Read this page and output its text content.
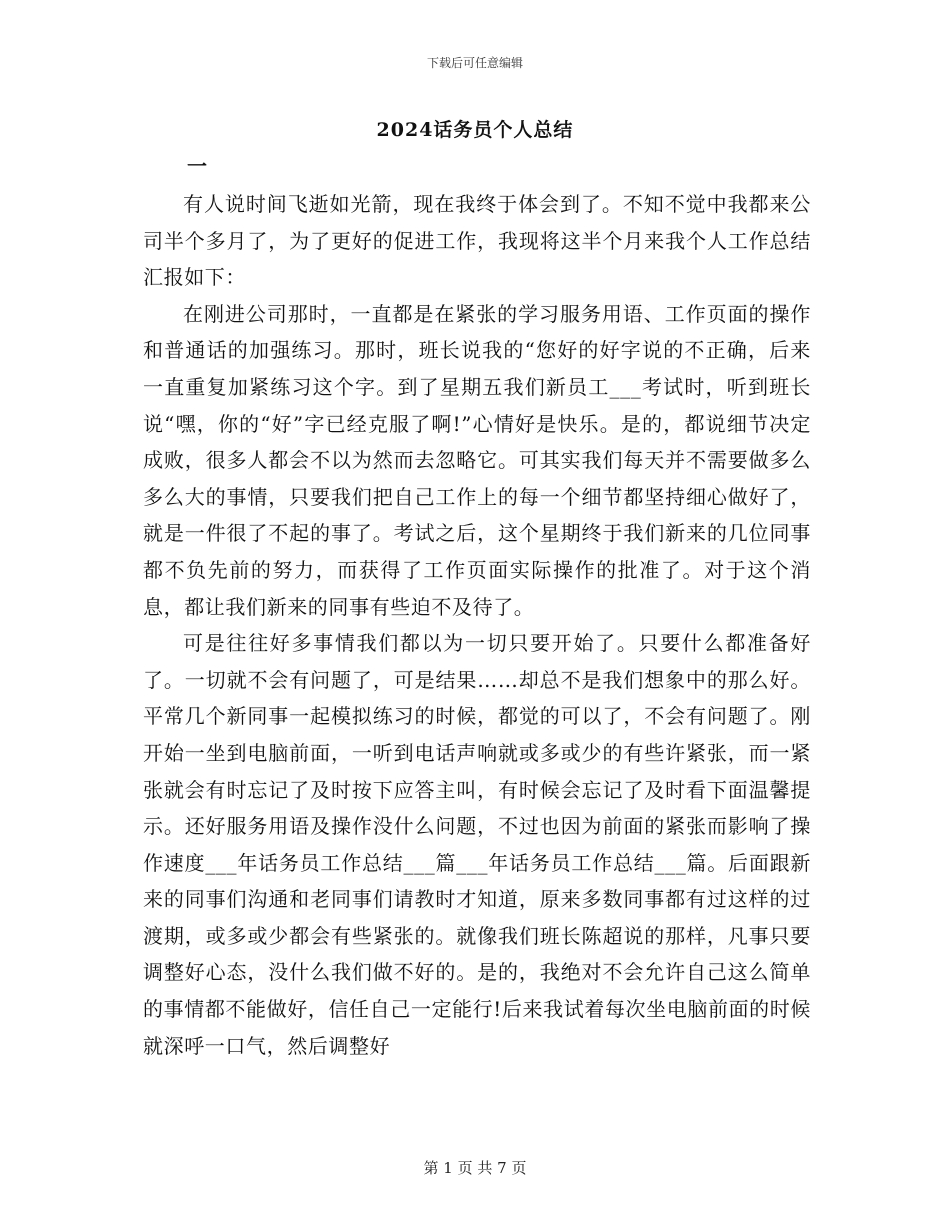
下载后可任意编辑
2024话务员个人总结
一

有人说时间飞逝如光箭，现在我终于体会到了。不知不觉中我都来公司半个多月了，为了更好的促进工作，我现将这半个月来我个人工作总结汇报如下：

在刚进公司那时，一直都是在紧张的学习服务用语、工作页面的操作和普通话的加强练习。那时，班长说我的“您好的好字说的不正确，后来一直重复加紧练习这个字。到了星期五我们新员工___考试时，听到班长说“嘿，你的“好”字已经克服了啊!”心情好是快乐。是的，都说细节决定成败，很多人都会不以为然而去忽略它。可其实我们每天并不需要做多么多么大的事情，只要我们把自己工作上的每一个细节都坚持细心做好了，就是一件很了不起的事了。考试之后，这个星期终于我们新来的几位同事都不负先前的努力，而获得了工作页面实际操作的批准了。对于这个消息，都让我们新来的同事有些迫不及待了。

可是往往好多事情我们都以为一切只要开始了。只要什么都准备好了。一切就不会有问题了，可是结果……却总不是我们想象中的那么好。平常几个新同事一起模拟练习的时候，都觉的可以了，不会有问题了。刚开始一坐到电脑前面，一听到电话声响就或多或少的有些许紧张，而一紧张就会有时忘记了及时按下应答主叫，有时候会忘记了及时看下面温馨提示。还好服务用语及操作没什么问题，不过也因为前面的紧张而影响了操作速度___年话务员工作总结___篇___年话务员工作总结___篇。后面跟新来的同事们沟通和老同事们请教时才知道，原来多数同事都有过这样的过渡期，或多或少都会有些紧张的。就像我们班长陈超说的那样，凡事只要调整好心态，没什么我们做不好的。是的，我绝对不会允许自己这么简单的事情都不能做好，信任自己一定能行!后来我试着每次坐电脑前面的时候就深呼一口气，然后调整好

第 1 页 共 7 页
